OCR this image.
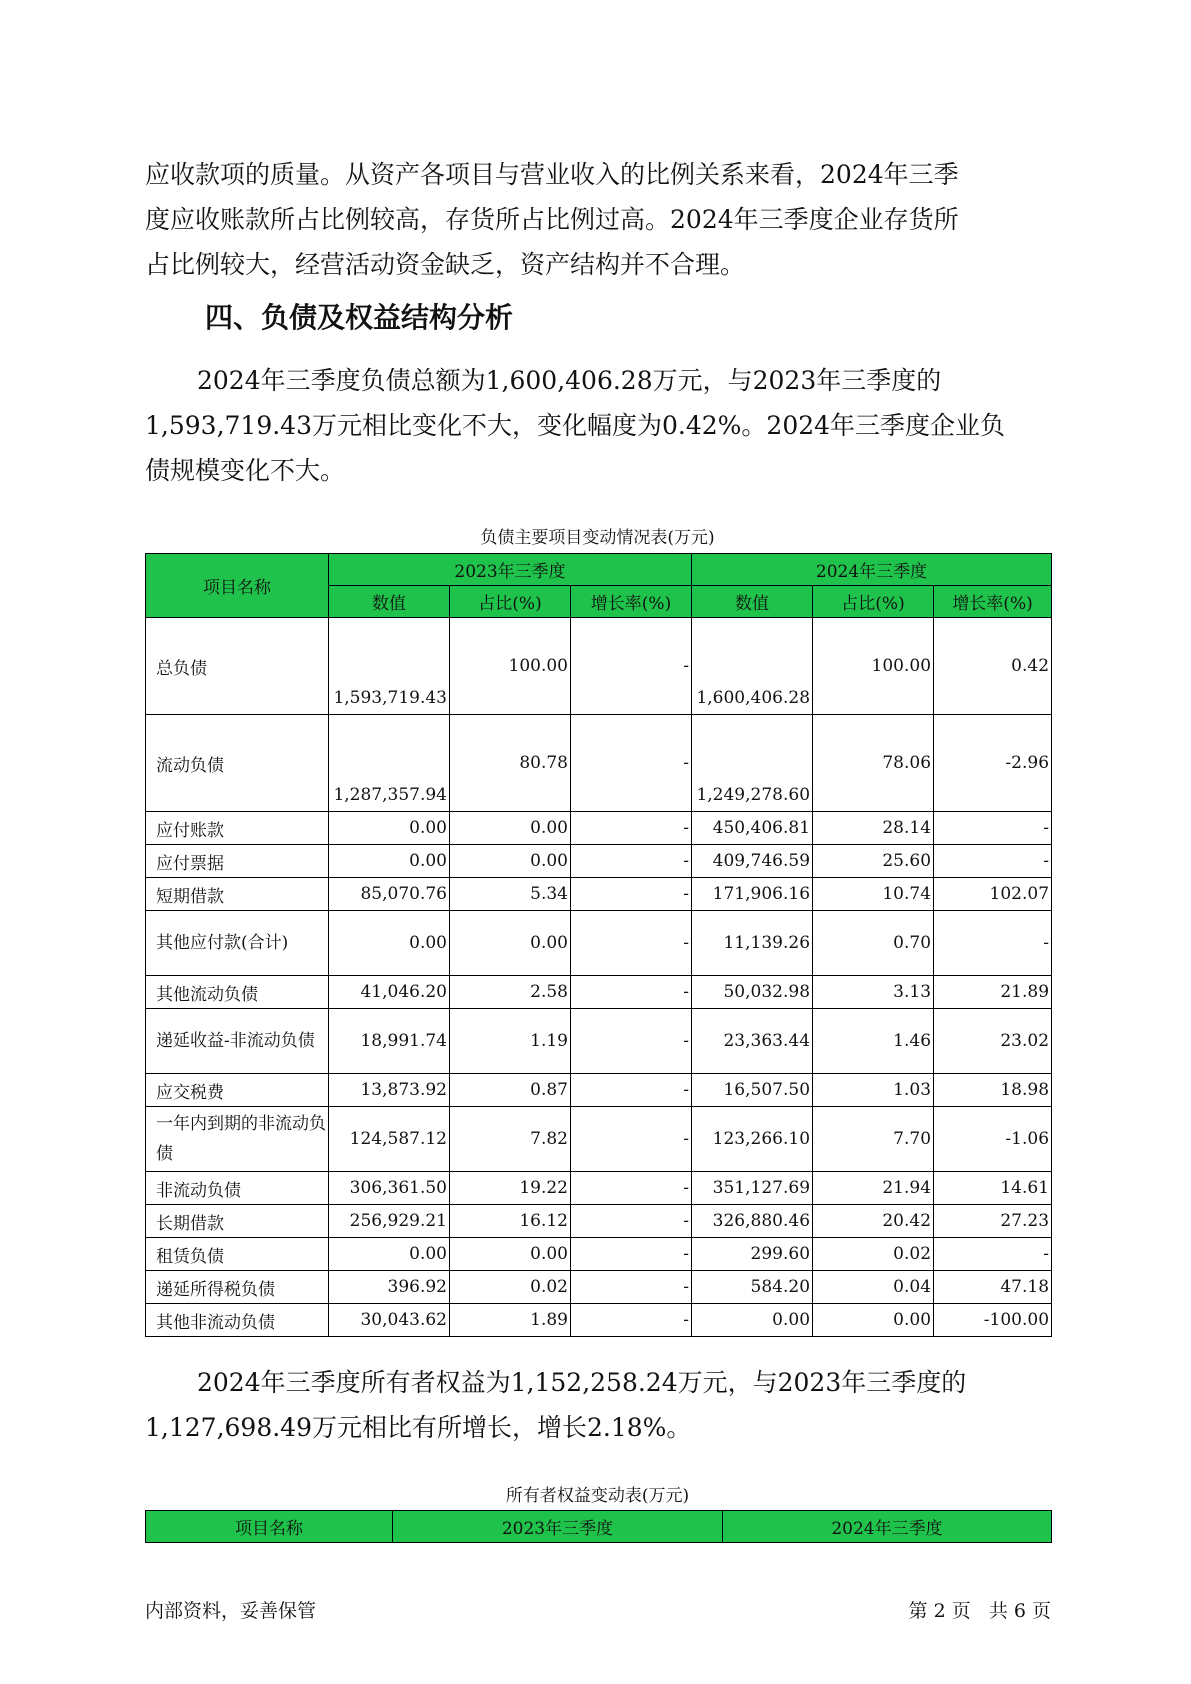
应收款项的质量。从资产各项目与营业收入的比例关系来看，2024年三季
度应收账款所占比例较高，存货所占比例过高。2024年三季度企业存货所
占比例较大，经营活动资金缺乏，资产结构并不合理。

四、负债及权益结构分析

2024年三季度负债总额为1,600,406.28万元，与2023年三季度的
1,593,719.43万元相比变化不大，变化幅度为0.42%。2024年三季度企业负
债规模变化不大。

负债主要项目变动情况表(万元)
项目名称	2023年三季度			2024年三季度		
	数值	占比(%)	增长率(%)	数值	占比(%)	增长率(%)
总负债	1,593,719.43	100.00	-	1,600,406.28	100.00	0.42
流动负债	1,287,357.94	80.78	-	1,249,278.60	78.06	-2.96
应付账款	0.00	0.00	-	450,406.81	28.14	-
应付票据	0.00	0.00	-	409,746.59	25.60	-
短期借款	85,070.76	5.34	-	171,906.16	10.74	102.07
其他应付款(合计)	0.00	0.00	-	11,139.26	0.70	-
其他流动负债	41,046.20	2.58	-	50,032.98	3.13	21.89
递延收益-非流动负债	18,991.74	1.19	-	23,363.44	1.46	23.02
应交税费	13,873.92	0.87	-	16,507.50	1.03	18.98
一年内到期的非流动负债	124,587.12	7.82	-	123,266.10	7.70	-1.06
非流动负债	306,361.50	19.22	-	351,127.69	21.94	14.61
长期借款	256,929.21	16.12	-	326,880.46	20.42	27.23
租赁负债	0.00	0.00	-	299.60	0.02	-
递延所得税负债	396.92	0.02	-	584.20	0.04	47.18
其他非流动负债	30,043.62	1.89	-	0.00	0.00	-100.00

2024年三季度所有者权益为1,152,258.24万元，与2023年三季度的
1,127,698.49万元相比有所增长，增长2.18%。

所有者权益变动表(万元)
项目名称	2023年三季度	2024年三季度
内部资料，妥善保管	第 2 页   共 6 页
